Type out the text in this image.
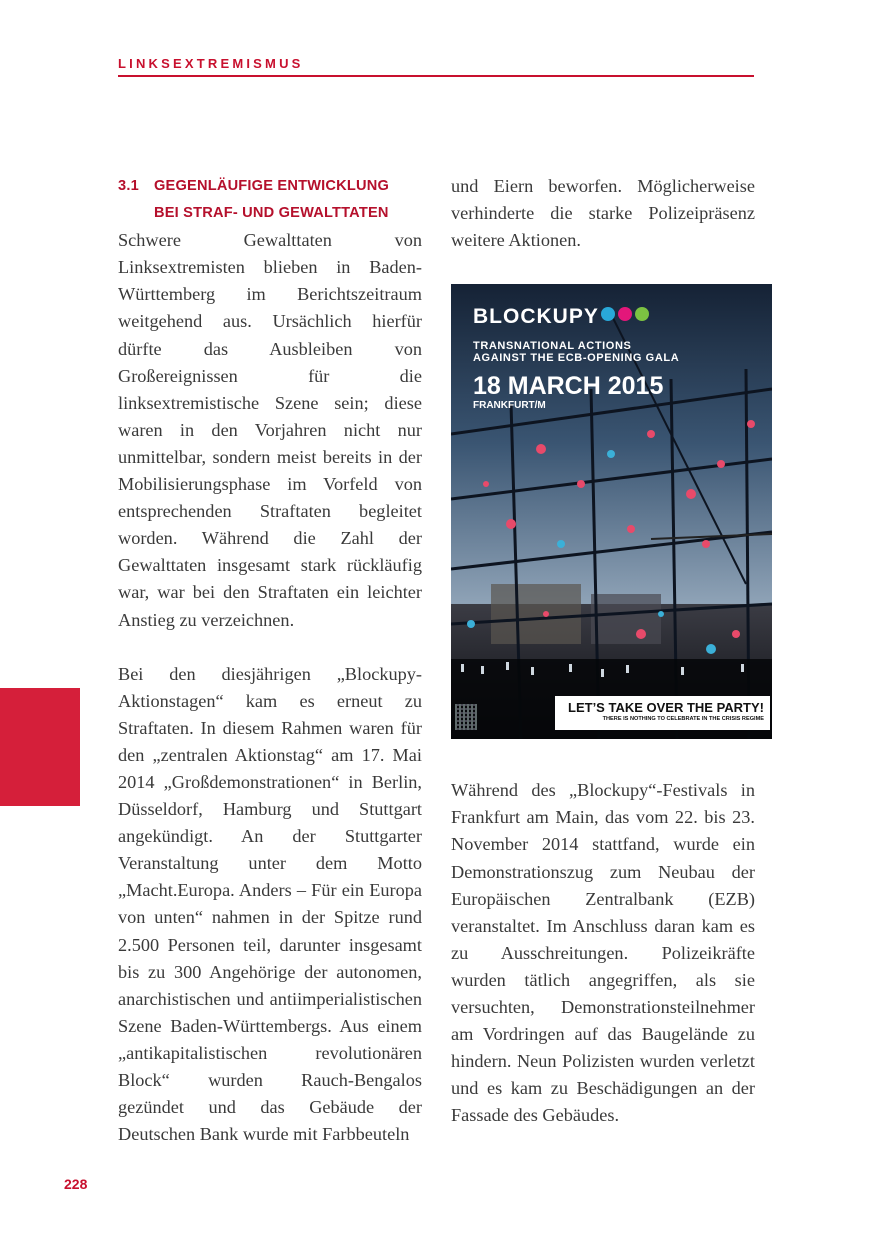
LINKSEXTREMISMUS
3.1	GEGENLÄUFIGE ENTWICKLUNG
BEI STRAF- UND GEWALTTATEN

Schwere Gewalttaten von Linksextremisten blieben in Baden-Württemberg im Berichtszeitraum weitgehend aus. Ursächlich hierfür dürfte das Ausbleiben von Großereignissen für die linksextremistische Szene sein; diese waren in den Vorjahren nicht nur unmittelbar, sondern meist bereits in der Mobilisierungsphase im Vorfeld von entsprechenden Straftaten begleitet worden. Während die Zahl der Gewalttaten insgesamt stark rückläufig war, war bei den Straftaten ein leichter Anstieg zu verzeichnen.

Bei den diesjährigen „Blockupy-Aktionstagen“ kam es erneut zu Straftaten. In diesem Rahmen waren für den „zentralen Aktionstag“ am 17. Mai 2014 „Großdemonstrationen“ in Berlin, Düsseldorf, Hamburg und Stuttgart angekündigt. An der Stuttgarter Veranstaltung unter dem Motto „Macht.Europa. Anders – Für ein Europa von unten“ nahmen in der Spitze rund 2.500 Personen teil, darunter insgesamt bis zu 300 Angehörige der autonomen, anarchistischen und antiimperialistischen Szene Baden-Württembergs. Aus einem „antikapitalistischen revolutionären Block“ wurden Rauch-Bengalos gezündet und das Gebäude der Deutschen Bank wurde mit Farbbeuteln

und Eiern beworfen. Möglicherweise verhinderte die starke Polizeipräsenz weitere Aktionen.

BLOCKUPY
TRANSNATIONAL ACTIONS
AGAINST THE ECB-OPENING GALA
18 MARCH 2015
FRANKFURT/M
LET’S TAKE OVER THE PARTY!
THERE IS NOTHING TO CELEBRATE IN THE CRISIS REGIME

Während des „Blockupy“-Festivals in Frankfurt am Main, das vom 22. bis 23. November 2014 stattfand, wurde ein Demonstrationszug zum Neubau der Europäischen Zentralbank (EZB) veranstaltet. Im Anschluss daran kam es zu Ausschreitungen. Polizeikräfte wurden tätlich angegriffen, als sie versuchten, Demonstrationsteilnehmer am Vordringen auf das Baugelände zu hindern. Neun Polizisten wurden verletzt und es kam zu Beschädigungen an der Fassade des Gebäudes.

228
